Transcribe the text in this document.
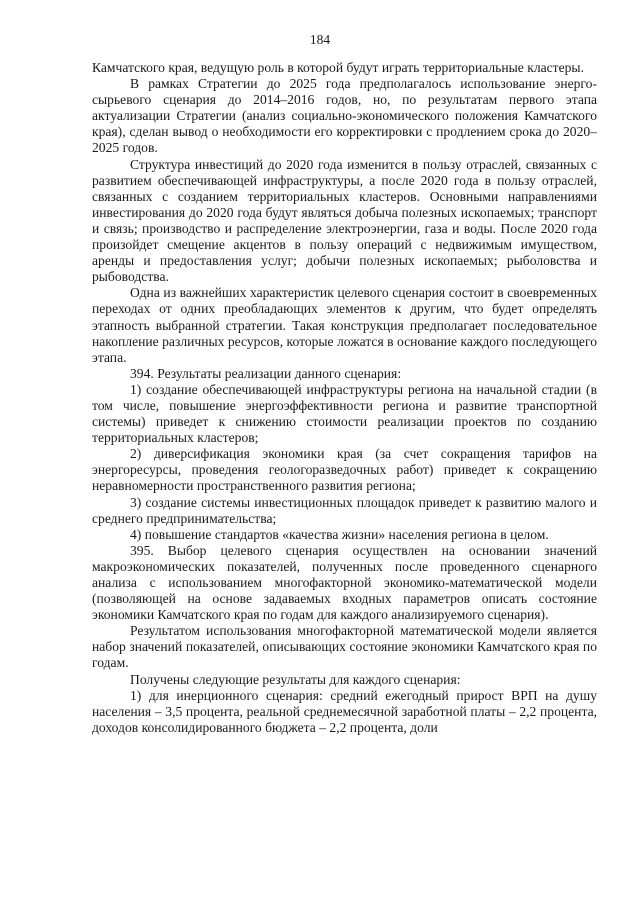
184

Камчатского края, ведущую роль в которой будут играть территориальные кластеры.

В рамках Стратегии до 2025 года предполагалось использование энерго-сырьевого сценария до 2014–2016 годов, но, по результатам первого этапа актуализации Стратегии (анализ социально-экономического положения Камчатского края), сделан вывод о необходимости его корректировки с продлением срока до 2020–2025 годов.

Структура инвестиций до 2020 года изменится в пользу отраслей, связанных с развитием обеспечивающей инфраструктуры, а после 2020 года в пользу отраслей, связанных с созданием территориальных кластеров. Основными направлениями инвестирования до 2020 года будут являться добыча полезных ископаемых; транспорт и связь; производство и распределение электроэнергии, газа и воды. После 2020 года произойдет смещение акцентов в пользу операций с недвижимым имуществом, аренды и предоставления услуг; добычи полезных ископаемых; рыболовства и рыбоводства.

Одна из важнейших характеристик целевого сценария состоит в своевременных переходах от одних преобладающих элементов к другим, что будет определять этапность выбранной стратегии. Такая конструкция предполагает последовательное накопление различных ресурсов, которые ложатся в основание каждого последующего этапа.

394. Результаты реализации данного сценария:

1) создание обеспечивающей инфраструктуры региона на начальной стадии (в том числе, повышение энергоэффективности региона и развитие транспортной системы) приведет к снижению стоимости реализации проектов по созданию территориальных кластеров;

2) диверсификация экономики края (за счет сокращения тарифов на энергоресурсы, проведения геологоразведочных работ) приведет к сокращению неравномерности пространственного развития региона;

3) создание системы инвестиционных площадок приведет к развитию малого и среднего предпринимательства;

4) повышение стандартов «качества жизни» населения региона в целом.

395. Выбор целевого сценария осуществлен на основании значений макроэкономических показателей, полученных после проведенного сценарного анализа с использованием многофакторной экономико-математической модели (позволяющей на основе задаваемых входных параметров описать состояние экономики Камчатского края по годам для каждого анализируемого сценария).

Результатом использования многофакторной математической модели является набор значений показателей, описывающих состояние экономики Камчатского края по годам.

Получены следующие результаты для каждого сценария:

1) для инерционного сценария: средний ежегодный прирост ВРП на душу населения – 3,5 процента, реальной среднемесячной заработной платы – 2,2 процента, доходов консолидированного бюджета – 2,2 процента, доли
